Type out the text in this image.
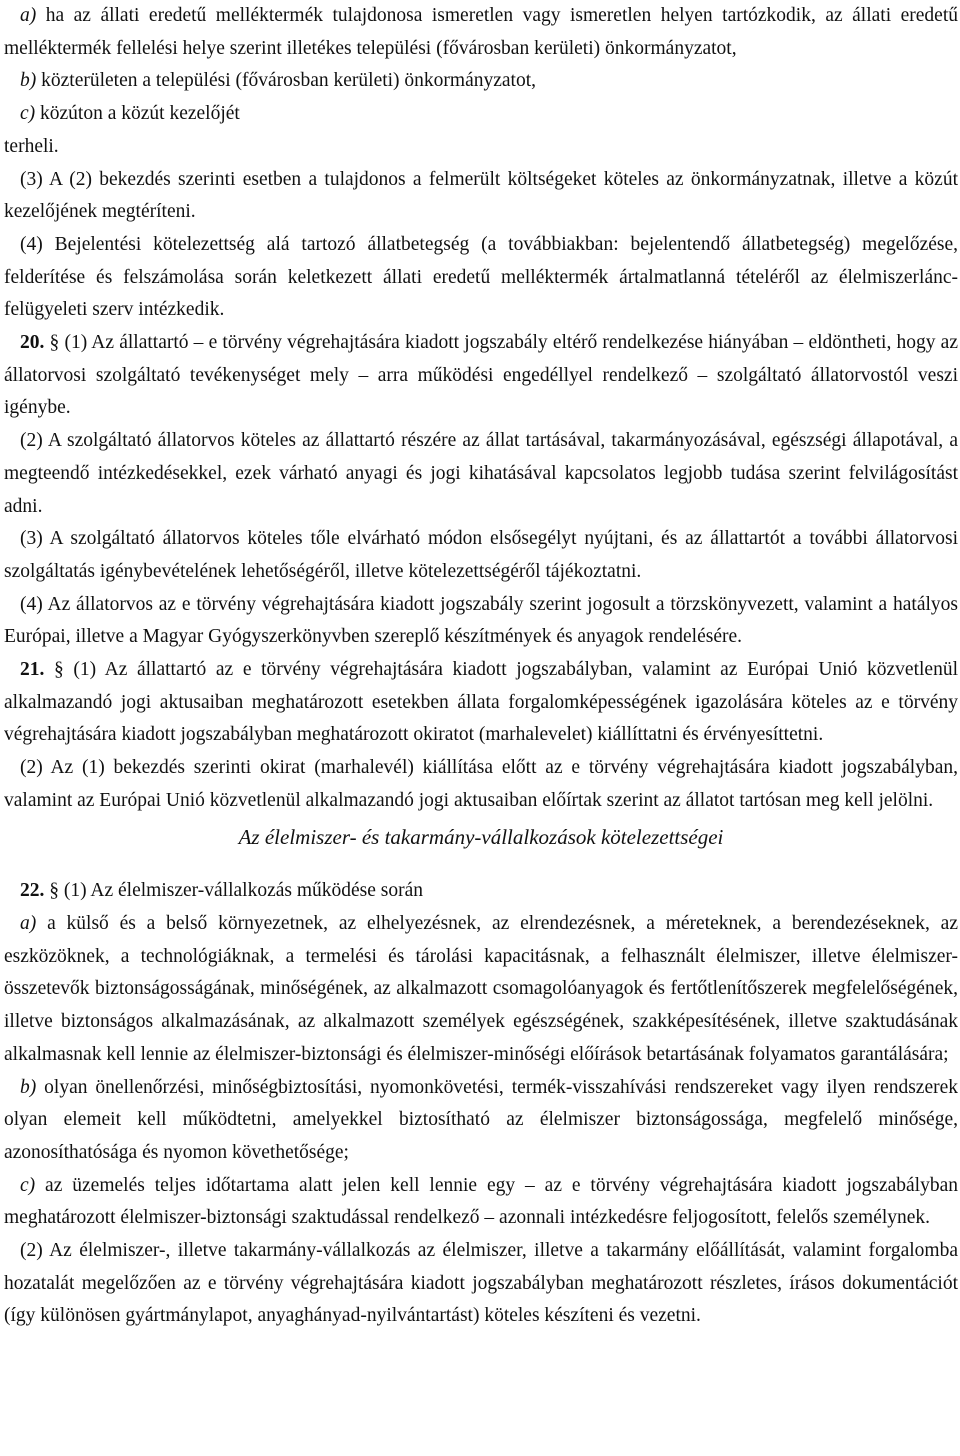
a) ha az állati eredetű melléktermék tulajdonosa ismeretlen vagy ismeretlen helyen tartózkodik, az állati eredetű melléktermék fellelési helye szerint illetékes települési (fővárosban kerületi) önkormányzatot,

b) közterületen a települési (fővárosban kerületi) önkormányzatot,

c) közúton a közút kezelőjét

terheli.

(3) A (2) bekezdés szerinti esetben a tulajdonos a felmerült költségeket köteles az önkormányzatnak, illetve a közút kezelőjének megtéríteni.

(4) Bejelentési kötelezettség alá tartozó állatbetegség (a továbbiakban: bejelentendő állatbetegség) megelőzése, felderítése és felszámolása során keletkezett állati eredetű melléktermék ártalmatlanná tételéről az élelmiszerlánc-felügyeleti szerv intézkedik.

20. § (1) Az állattartó – e törvény végrehajtására kiadott jogszabály eltérő rendelkezése hiányában – eldöntheti, hogy az állatorvosi szolgáltató tevékenységet mely – arra működési engedéllyel rendelkező – szolgáltató állatorvostól veszi igénybe.

(2) A szolgáltató állatorvos köteles az állattartó részére az állat tartásával, takarmányozásával, egészségi állapotával, a megteendő intézkedésekkel, ezek várható anyagi és jogi kihatásával kapcsolatos legjobb tudása szerint felvilágosítást adni.

(3) A szolgáltató állatorvos köteles tőle elvárható módon elsősegélyt nyújtani, és az állattartót a további állatorvosi szolgáltatás igénybevételének lehetőségéről, illetve kötelezettségéről tájékoztatni.

(4) Az állatorvos az e törvény végrehajtására kiadott jogszabály szerint jogosult a törzskönyvezett, valamint a hatályos Európai, illetve a Magyar Gyógyszerkönyvben szereplő készítmények és anyagok rendelésére.

21. § (1) Az állattartó az e törvény végrehajtására kiadott jogszabályban, valamint az Európai Unió közvetlenül alkalmazandó jogi aktusaiban meghatározott esetekben állata forgalomképességének igazolására köteles az e törvény végrehajtására kiadott jogszabályban meghatározott okiratot (marhalevelet) kiállíttatni és érvényesíttetni.

(2) Az (1) bekezdés szerinti okirat (marhalevél) kiállítása előtt az e törvény végrehajtására kiadott jogszabályban, valamint az Európai Unió közvetlenül alkalmazandó jogi aktusaiban előírtak szerint az állatot tartósan meg kell jelölni.

Az élelmiszer- és takarmány-vállalkozások kötelezettségei

22. § (1) Az élelmiszer-vállalkozás működése során

a) a külső és a belső környezetnek, az elhelyezésnek, az elrendezésnek, a méreteknek, a berendezéseknek, az eszközöknek, a technológiáknak, a termelési és tárolási kapacitásnak, a felhasznált élelmiszer, illetve élelmiszer-összetevők biztonságosságának, minőségének, az alkalmazott csomagolóanyagok és fertőtlenítőszerek megfelelőségének, illetve biztonságos alkalmazásának, az alkalmazott személyek egészségének, szakképesítésének, illetve szaktudásának alkalmasnak kell lennie az élelmiszer-biztonsági és élelmiszer-minőségi előírások betartásának folyamatos garantálására;

b) olyan önellenőrzési, minőségbiztosítási, nyomonkövetési, termék-visszahívási rendszereket vagy ilyen rendszerek olyan elemeit kell működtetni, amelyekkel biztosítható az élelmiszer biztonságossága, megfelelő minősége, azonosíthatósága és nyomon követhetősége;

c) az üzemelés teljes időtartama alatt jelen kell lennie egy – az e törvény végrehajtására kiadott jogszabályban meghatározott élelmiszer-biztonsági szaktudással rendelkező – azonnali intézkedésre feljogosított, felelős személynek.

(2) Az élelmiszer-, illetve takarmány-vállalkozás az élelmiszer, illetve a takarmány előállítását, valamint forgalomba hozatalát megelőzően az e törvény végrehajtására kiadott jogszabályban meghatározott részletes, írásos dokumentációt (így különösen gyártmánylapot, anyaghányad-nyilvántartást) köteles készíteni és vezetni.
